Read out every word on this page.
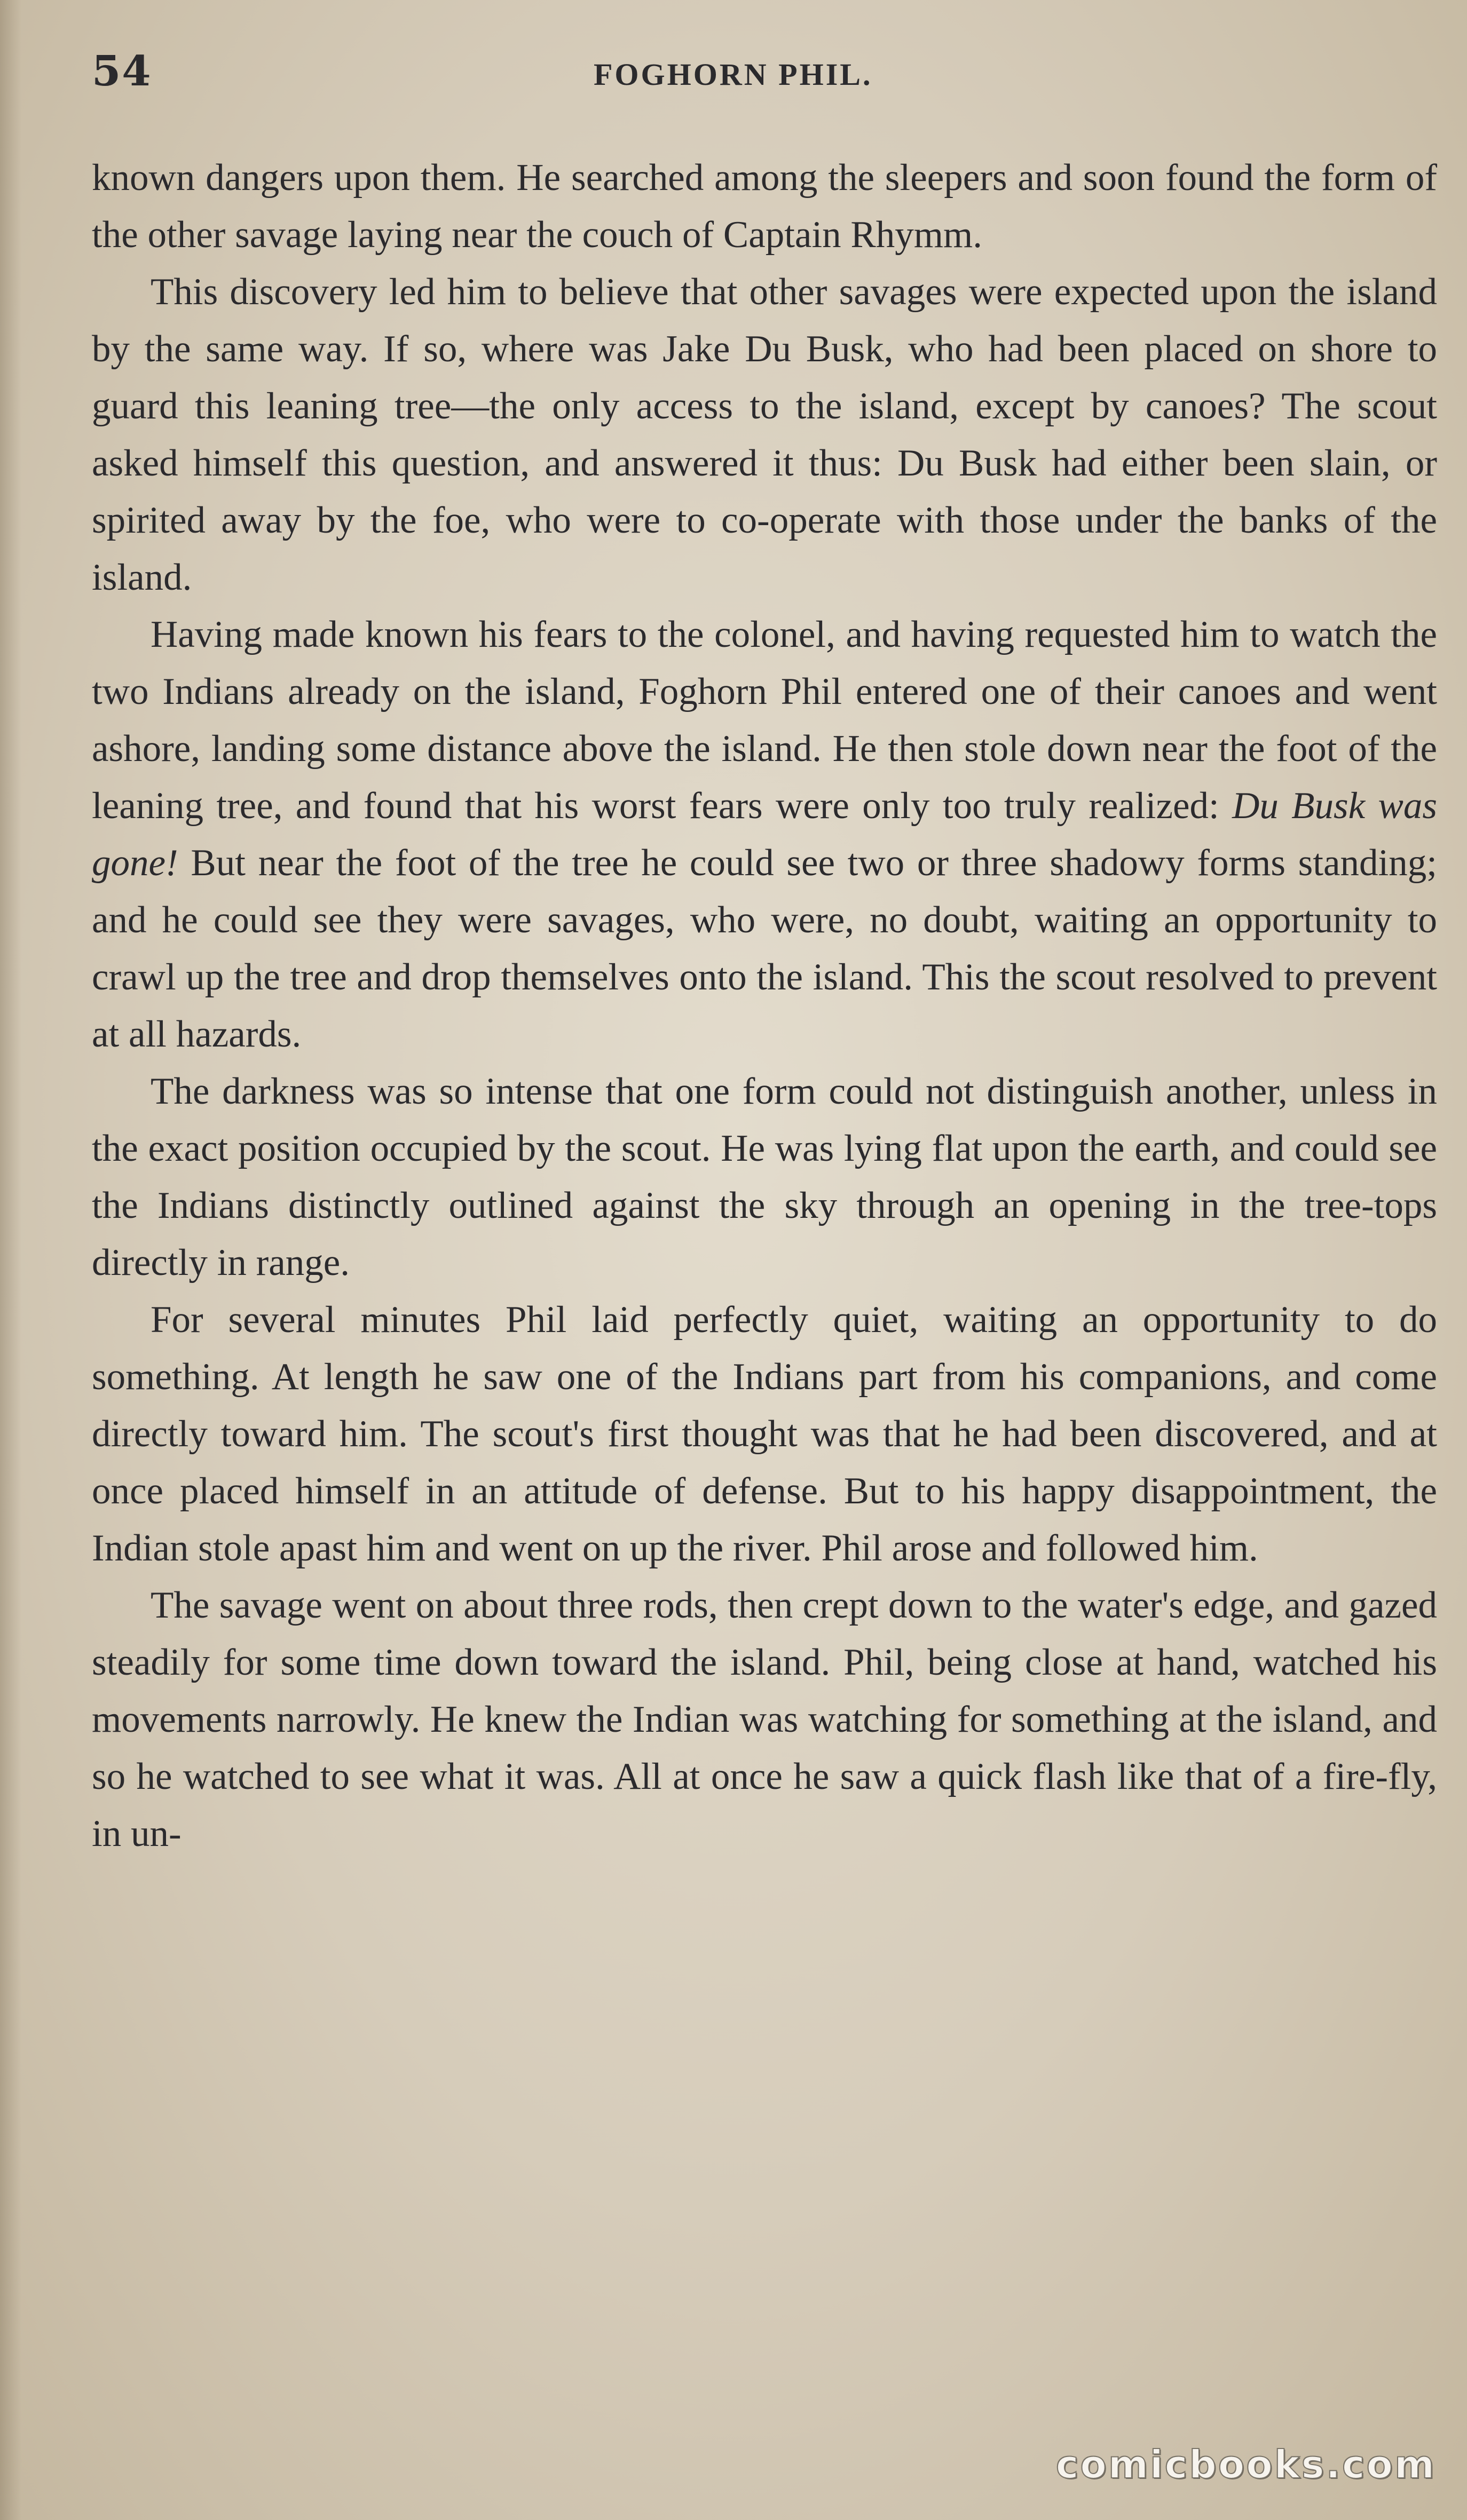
54	FOGHORN PHIL.

known dangers upon them. He searched among the sleepers and soon found the form of the other savage laying near the couch of Captain Rhymm.

This discovery led him to believe that other savages were expected upon the island by the same way. If so, where was Jake Du Busk, who had been placed on shore to guard this leaning tree—the only access to the island, except by canoes? The scout asked himself this question, and answered it thus: Du Busk had either been slain, or spirited away by the foe, who were to co-operate with those under the banks of the island.

Having made known his fears to the colonel, and having requested him to watch the two Indians already on the island, Foghorn Phil entered one of their canoes and went ashore, landing some distance above the island. He then stole down near the foot of the leaning tree, and found that his worst fears were only too truly realized: Du Busk was gone! But near the foot of the tree he could see two or three shadowy forms standing; and he could see they were savages, who were, no doubt, waiting an opportunity to crawl up the tree and drop themselves onto the island. This the scout resolved to prevent at all hazards.

The darkness was so intense that one form could not distinguish another, unless in the exact position occupied by the scout. He was lying flat upon the earth, and could see the Indians distinctly outlined against the sky through an opening in the tree-tops directly in range.

For several minutes Phil laid perfectly quiet, waiting an opportunity to do something. At length he saw one of the Indians part from his companions, and come directly toward him. The scout's first thought was that he had been discovered, and at once placed himself in an attitude of defense. But to his happy disappointment, the Indian stole apast him and went on up the river. Phil arose and followed him.

The savage went on about three rods, then crept down to the water's edge, and gazed steadily for some time down toward the island. Phil, being close at hand, watched his movements narrowly. He knew the Indian was watching for something at the island, and so he watched to see what it was. All at once he saw a quick flash like that of a fire-fly, in un-

comicbooks.com
